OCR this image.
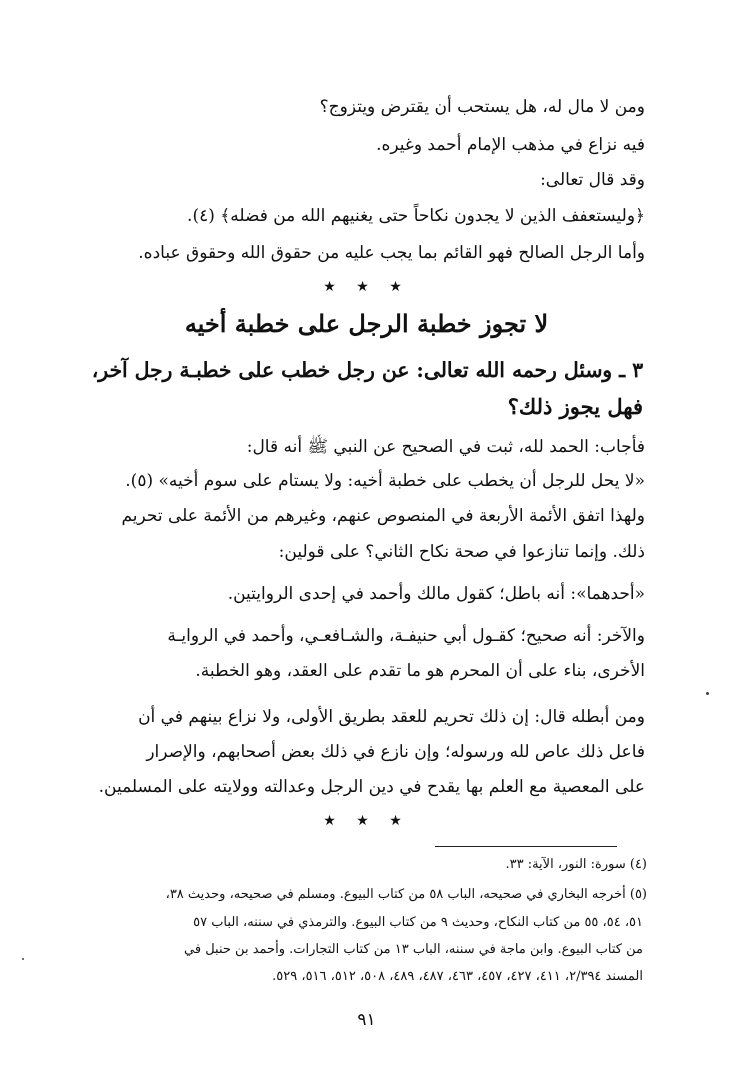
ومن لا مال له، هل يستحب أن يقترض ويتزوج؟
فيه نزاع في مذهب الإمام أحمد وغيره.
وقد قال تعالى:
﴿وليستعفف الذين لا يجدون نكاحاً حتى يغنيهم الله من فضله﴾ (٤).
وأما الرجل الصالح فهو القائم بما يجب عليه من حقوق الله وحقوق عباده.
★ ★ ★
لا تجوز خطبة الرجل على خطبة أخيه
٣ ـ وسئل رحمه الله تعالى: عن رجل خطب على خطبـة رجل آخر،
فهل يجوز ذلك؟
فأجاب: الحمد لله، ثبت في الصحيح عن النبي ﷺ أنه قال:
«لا يحل للرجل أن يخطب على خطبة أخيه: ولا يستام على سوم أخيه» (٥).
ولهذا اتفق الأئمة الأربعة في المنصوص عنهم، وغيرهم من الأئمة على تحريم
ذلك. وإنما تنازعوا في صحة نكاح الثاني؟ على قولين:
«أحدهما»: أنه باطل؛ كقول مالك وأحمد في إحدى الروايتين.
والآخر: أنه صحيح؛ كقـول أبي حنيفـة، والشـافعـي، وأحمد في الروايـة
الأخرى، بناء على أن المحرم هو ما تقدم على العقد، وهو الخطبة.
ومن أبطله قال: إن ذلك تحريم للعقد بطريق الأولى، ولا نزاع بينهم في أن
فاعل ذلك عاص لله ورسوله؛ وإن نازع في ذلك بعض أصحابهم، والإصرار
على المعصية مع العلم بها يقدح في دين الرجل وعدالته وولايته على المسلمين.
★ ★ ★
(٤) سورة: النور، الآية: ٣٣.
(٥) أخرجه البخاري في صحيحه، الباب ٥٨ من كتاب البيوع. ومسلم في صحيحه، وحديث ٣٨،
٥١، ٥٤، ٥٥ من كتاب النكاح، وحديث ٩ من كتاب البيوع. والترمذي في سننه، الباب ٥٧
من كتاب البيوع. وابن ماجة في سننه، الباب ١٣ من كتاب التجارات. وأحمد بن حنبل في
المسند ٢/٣٩٤، ٤١١، ٤٢٧، ٤٥٧، ٤٦٣، ٤٨٧، ٤٨٩، ٥٠٨، ٥١٢، ٥١٦، ٥٢٩.
٩١
